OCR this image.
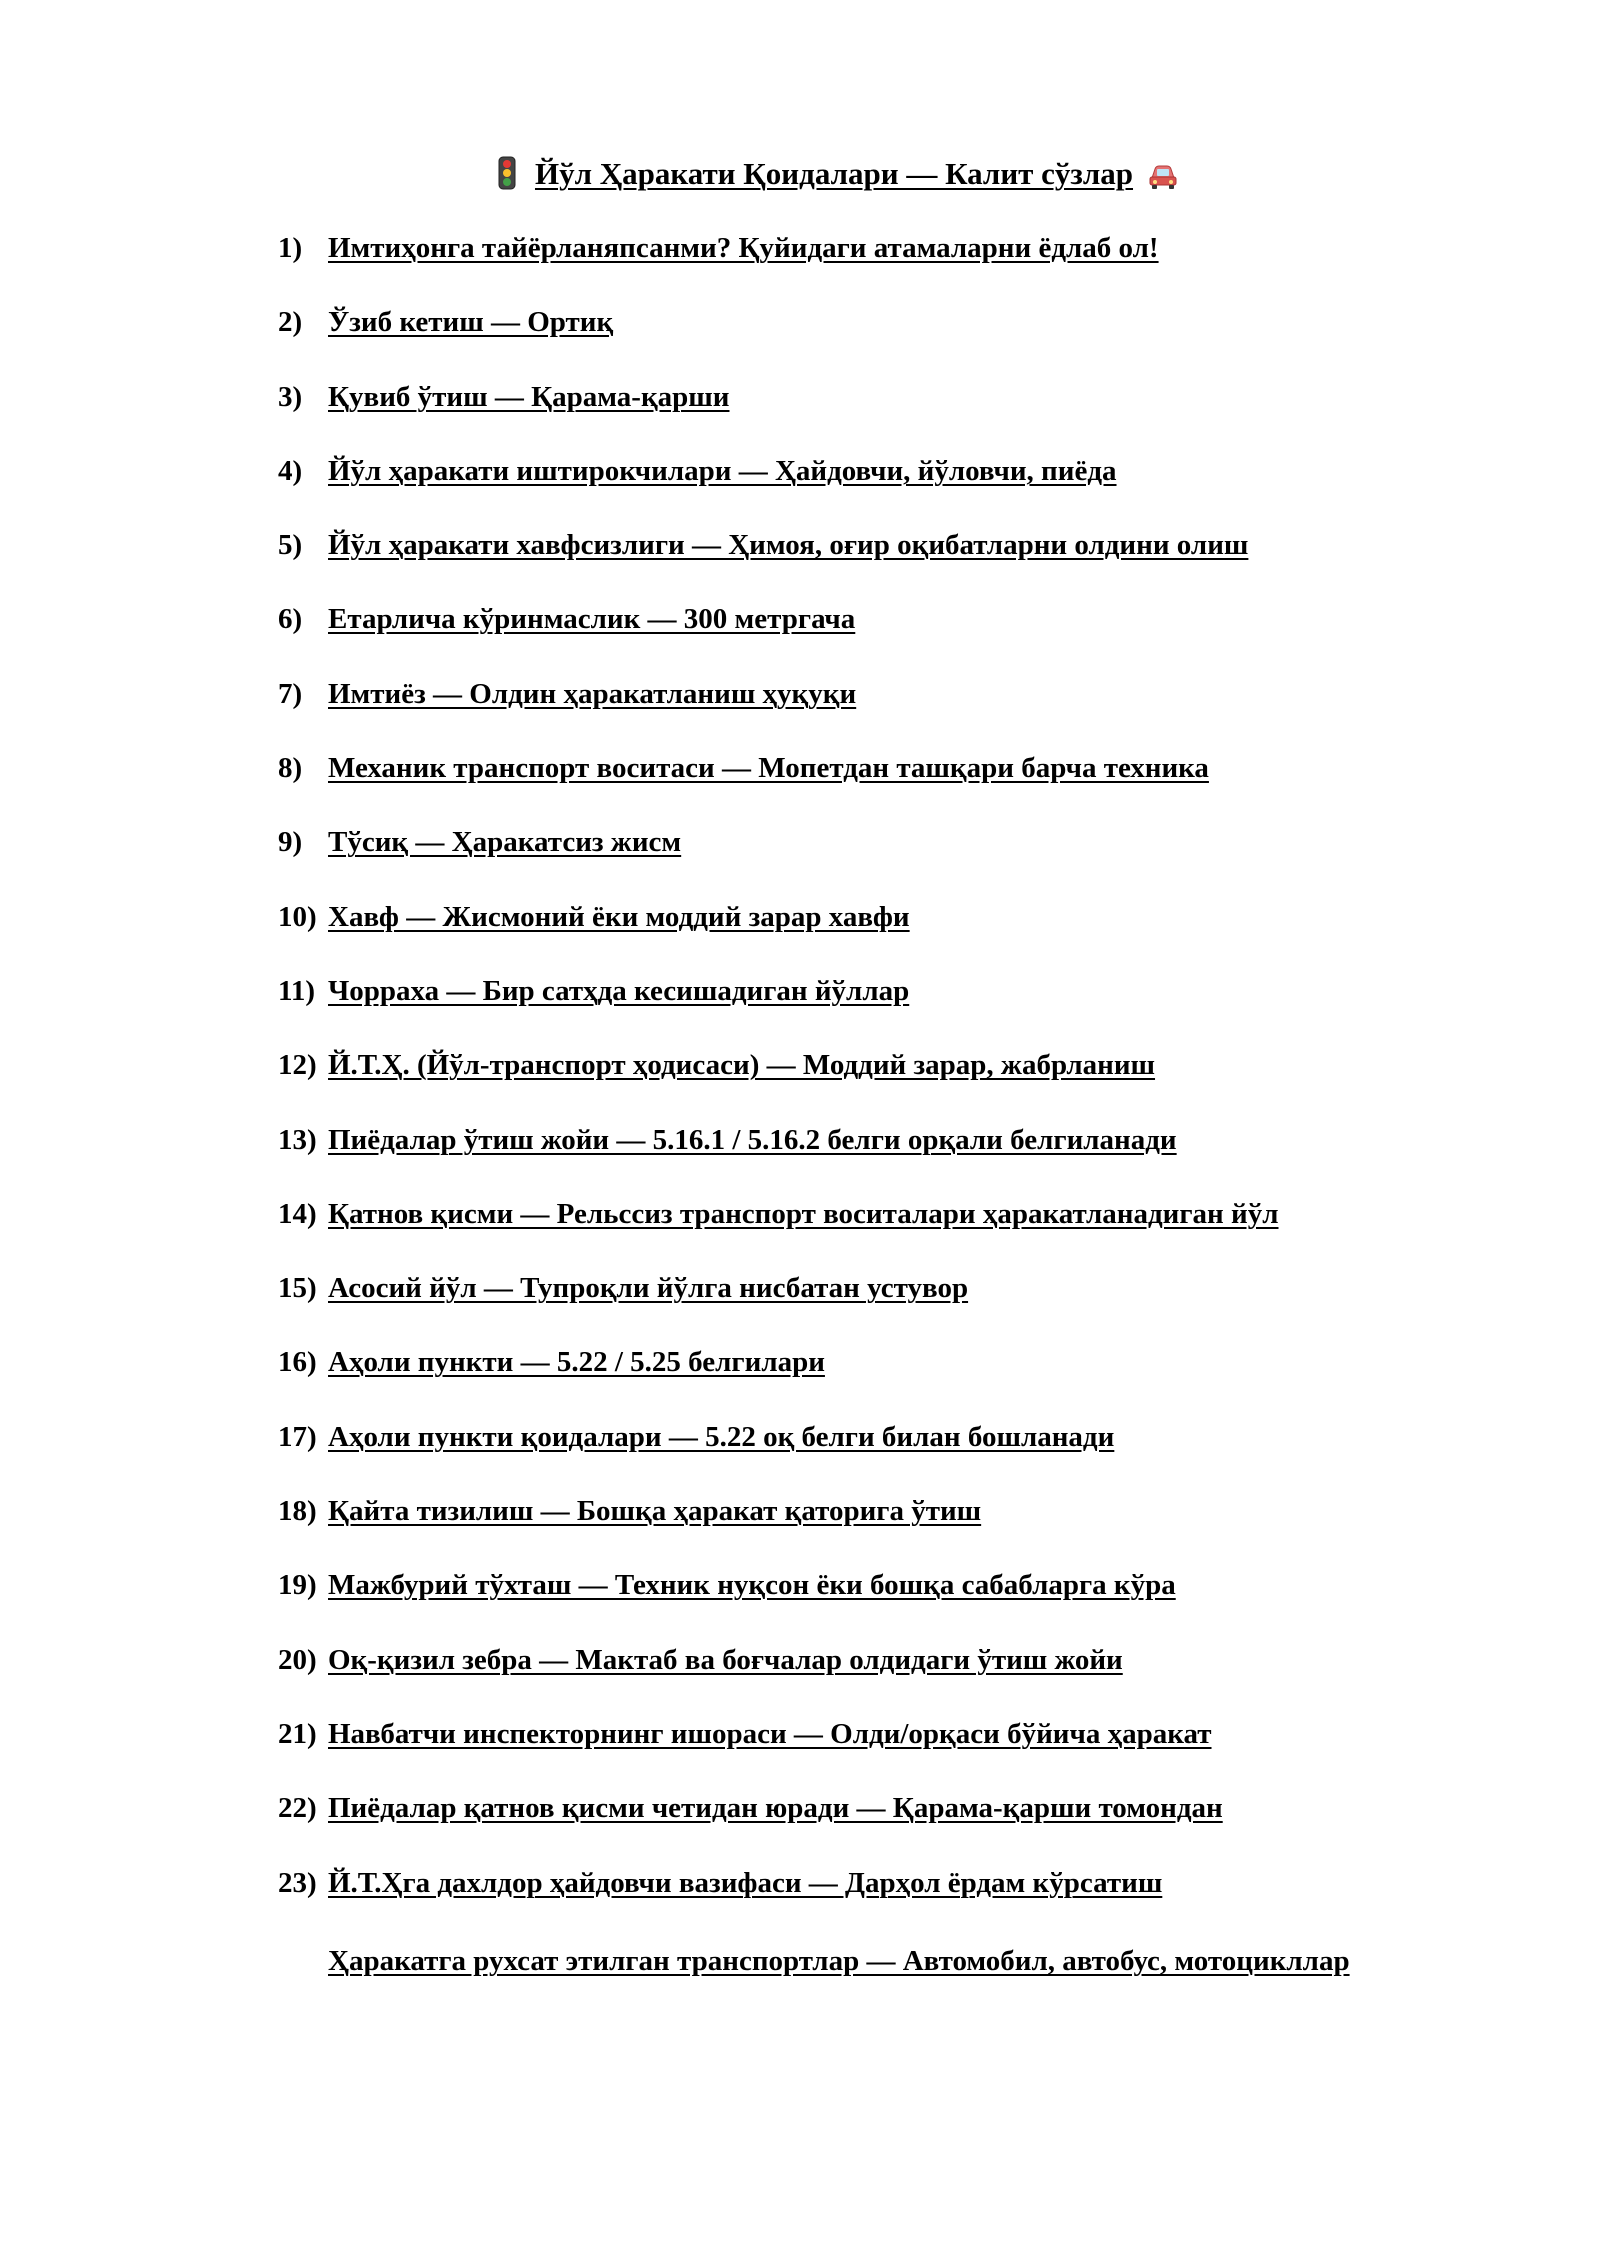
Йўл Ҳаракати Қоидалари — Калит сўзлар
1) Имтиҳонга тайёрланяпсанми? Қуйидаги атамаларни ёдлаб ол!
2) Ўзиб кетиш — Ортиқ
3) Қувиб ўтиш — Қарама-қарши
4) Йўл ҳаракати иштирокчилари — Ҳайдовчи, йўловчи, пиёда
5) Йўл ҳаракати хавфсизлиги — Ҳимоя, оғир оқибатларни олдини олиш
6) Етарлича кўринмаслик — 300 метргача
7) Имтиёз — Олдин ҳаракатланиш ҳуқуқи
8) Механик транспорт воситаси — Мопетдан ташқари барча техника
9) Тўсиқ — Ҳаракатсиз жисм
10) Хавф — Жисмоний ёки моддий зарар хавфи
11) Чорраха — Бир сатҳда кесишадиган йўллар
12) Й.Т.Ҳ. (Йўл-транспорт ҳодисаси) — Моддий зарар, жабрланиш
13) Пиёдалар ўтиш жойи — 5.16.1 / 5.16.2 белги орқали белгиланади
14) Қатнов қисми — Рельссиз транспорт воситалари ҳаракатланадиган йўл
15) Асосий йўл — Тупроқли йўлга нисбатан устувор
16) Аҳоли пункти — 5.22 / 5.25 белгилари
17) Аҳоли пункти қоидалари — 5.22 оқ белги билан бошланади
18) Қайта тизилиш — Бошқа ҳаракат қаторига ўтиш
19) Мажбурий тўхташ — Техник нуқсон ёки бошқа сабабларга кўра
20) Оқ-қизил зебра — Мактаб ва боғчалар олдидаги ўтиш жойи
21) Навбатчи инспекторнинг ишораси — Олди/орқаси бўйича ҳаракат
22) Пиёдалар қатнов қисми четидан юради — Қарама-қарши томондан
23) Й.Т.Ҳга дахлдор ҳайдовчи вазифаси — Дарҳол ёрдам кўрсатиш
Ҳаракатга рухсат этилган транспортлар — Автомобил, автобус, мотоцикллар
